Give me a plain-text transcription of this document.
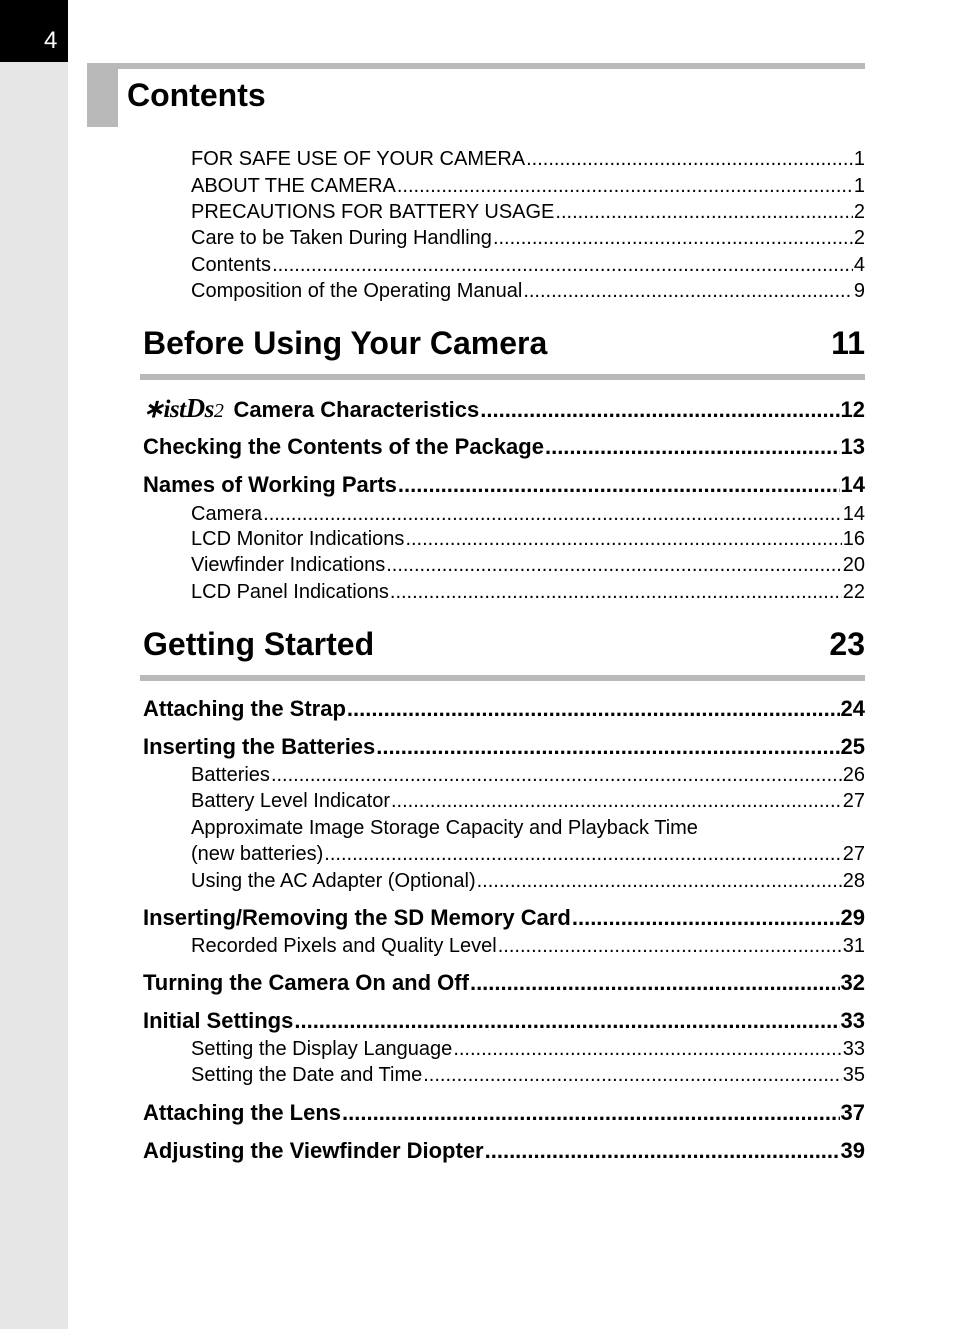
4
Contents
FOR SAFE USE OF YOUR CAMERA .....	1
ABOUT THE CAMERA .....	1
PRECAUTIONS FOR BATTERY USAGE .....	2
Care to be Taken During Handling .....	2
Contents .....	4
Composition of the Operating Manual .....	9
Before Using Your Camera	11
∗istDs2 Camera Characteristics .....	12
Checking the Contents of the Package .....	13
Names of Working Parts .....	14
Camera .....	14
LCD Monitor Indications .....	16
Viewfinder Indications .....	20
LCD Panel Indications .....	22
Getting Started	23
Attaching the Strap .....	24
Inserting the Batteries .....	25
Batteries .....	26
Battery Level Indicator .....	27
Approximate Image Storage Capacity and Playback Time
(new batteries) .....	27
Using the AC Adapter (Optional) .....	28
Inserting/Removing the SD Memory Card .....	29
Recorded Pixels and Quality Level .....	31
Turning the Camera On and Off .....	32
Initial Settings .....	33
Setting the Display Language .....	33
Setting the Date and Time .....	35
Attaching the Lens .....	37
Adjusting the Viewfinder Diopter .....	39
